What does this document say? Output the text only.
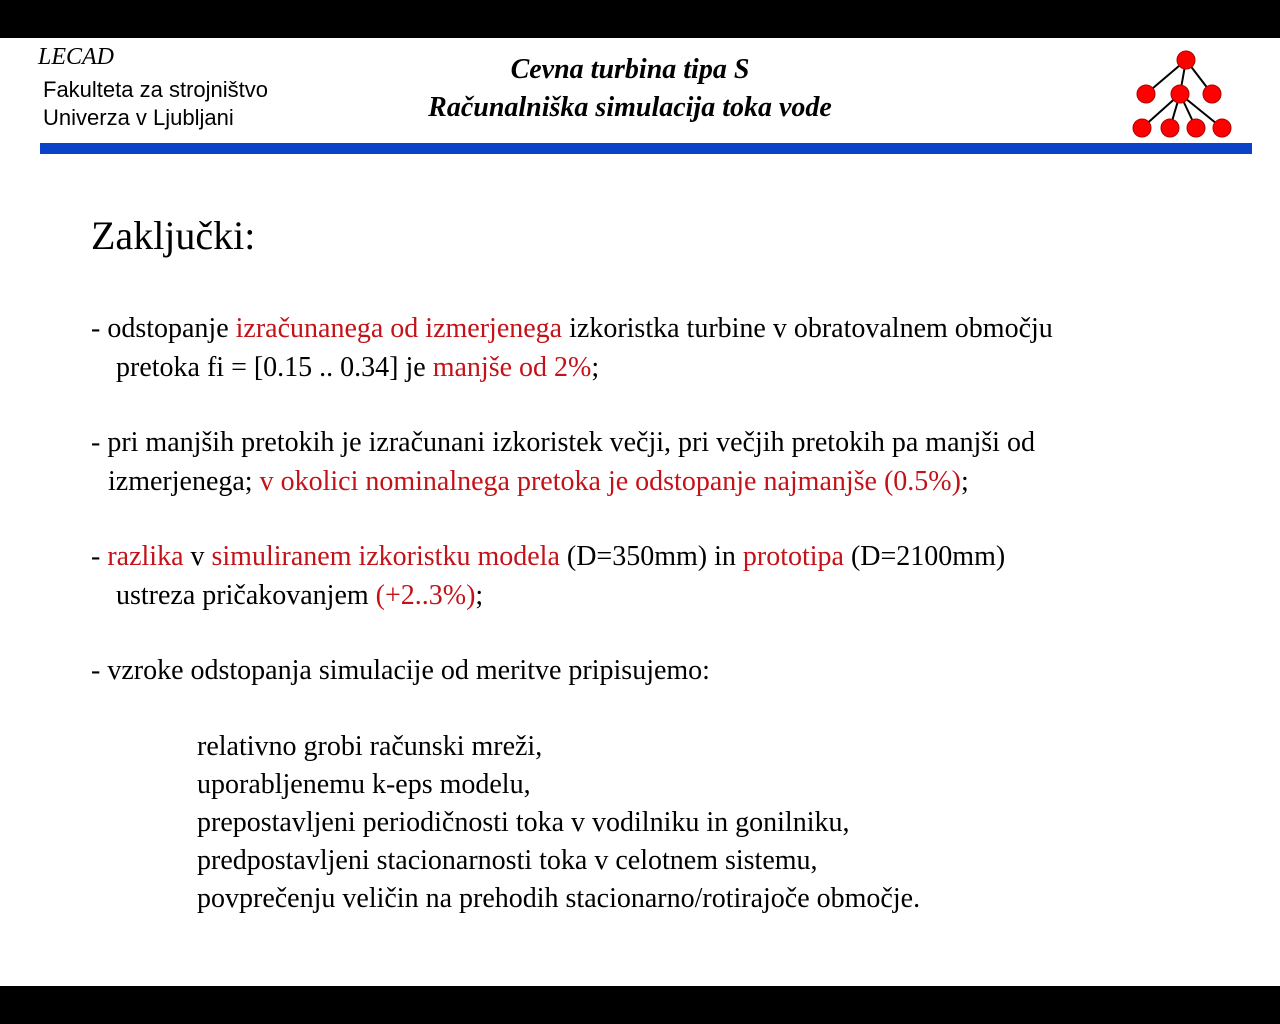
LECAD
Fakulteta za strojništvo
Univerza v Ljubljani
Cevna turbina tipa S
Računalniška simulacija toka vode
Zaključki:
- odstopanje izračunanega od izmerjenega izkoristka turbine v obratovalnem območju
pretoka fi = [0.15 .. 0.34] je manjše od 2%;
- pri manjših pretokih je izračunani izkoristek večji, pri večjih pretokih pa manjši od
izmerjenega; v okolici nominalnega pretoka je odstopanje najmanjše (0.5%);
- razlika v simuliranem izkoristku modela (D=350mm) in prototipa (D=2100mm)
ustreza pričakovanjem (+2..3%);
- vzroke odstopanja simulacije od meritve pripisujemo:
relativno grobi računski mreži,
uporabljenemu k-eps modelu,
prepostavljeni periodičnosti toka v vodilniku in gonilniku,
predpostavljeni stacionarnosti toka v celotnem sistemu,
povprečenju veličin na prehodih stacionarno/rotirajoče območje.
